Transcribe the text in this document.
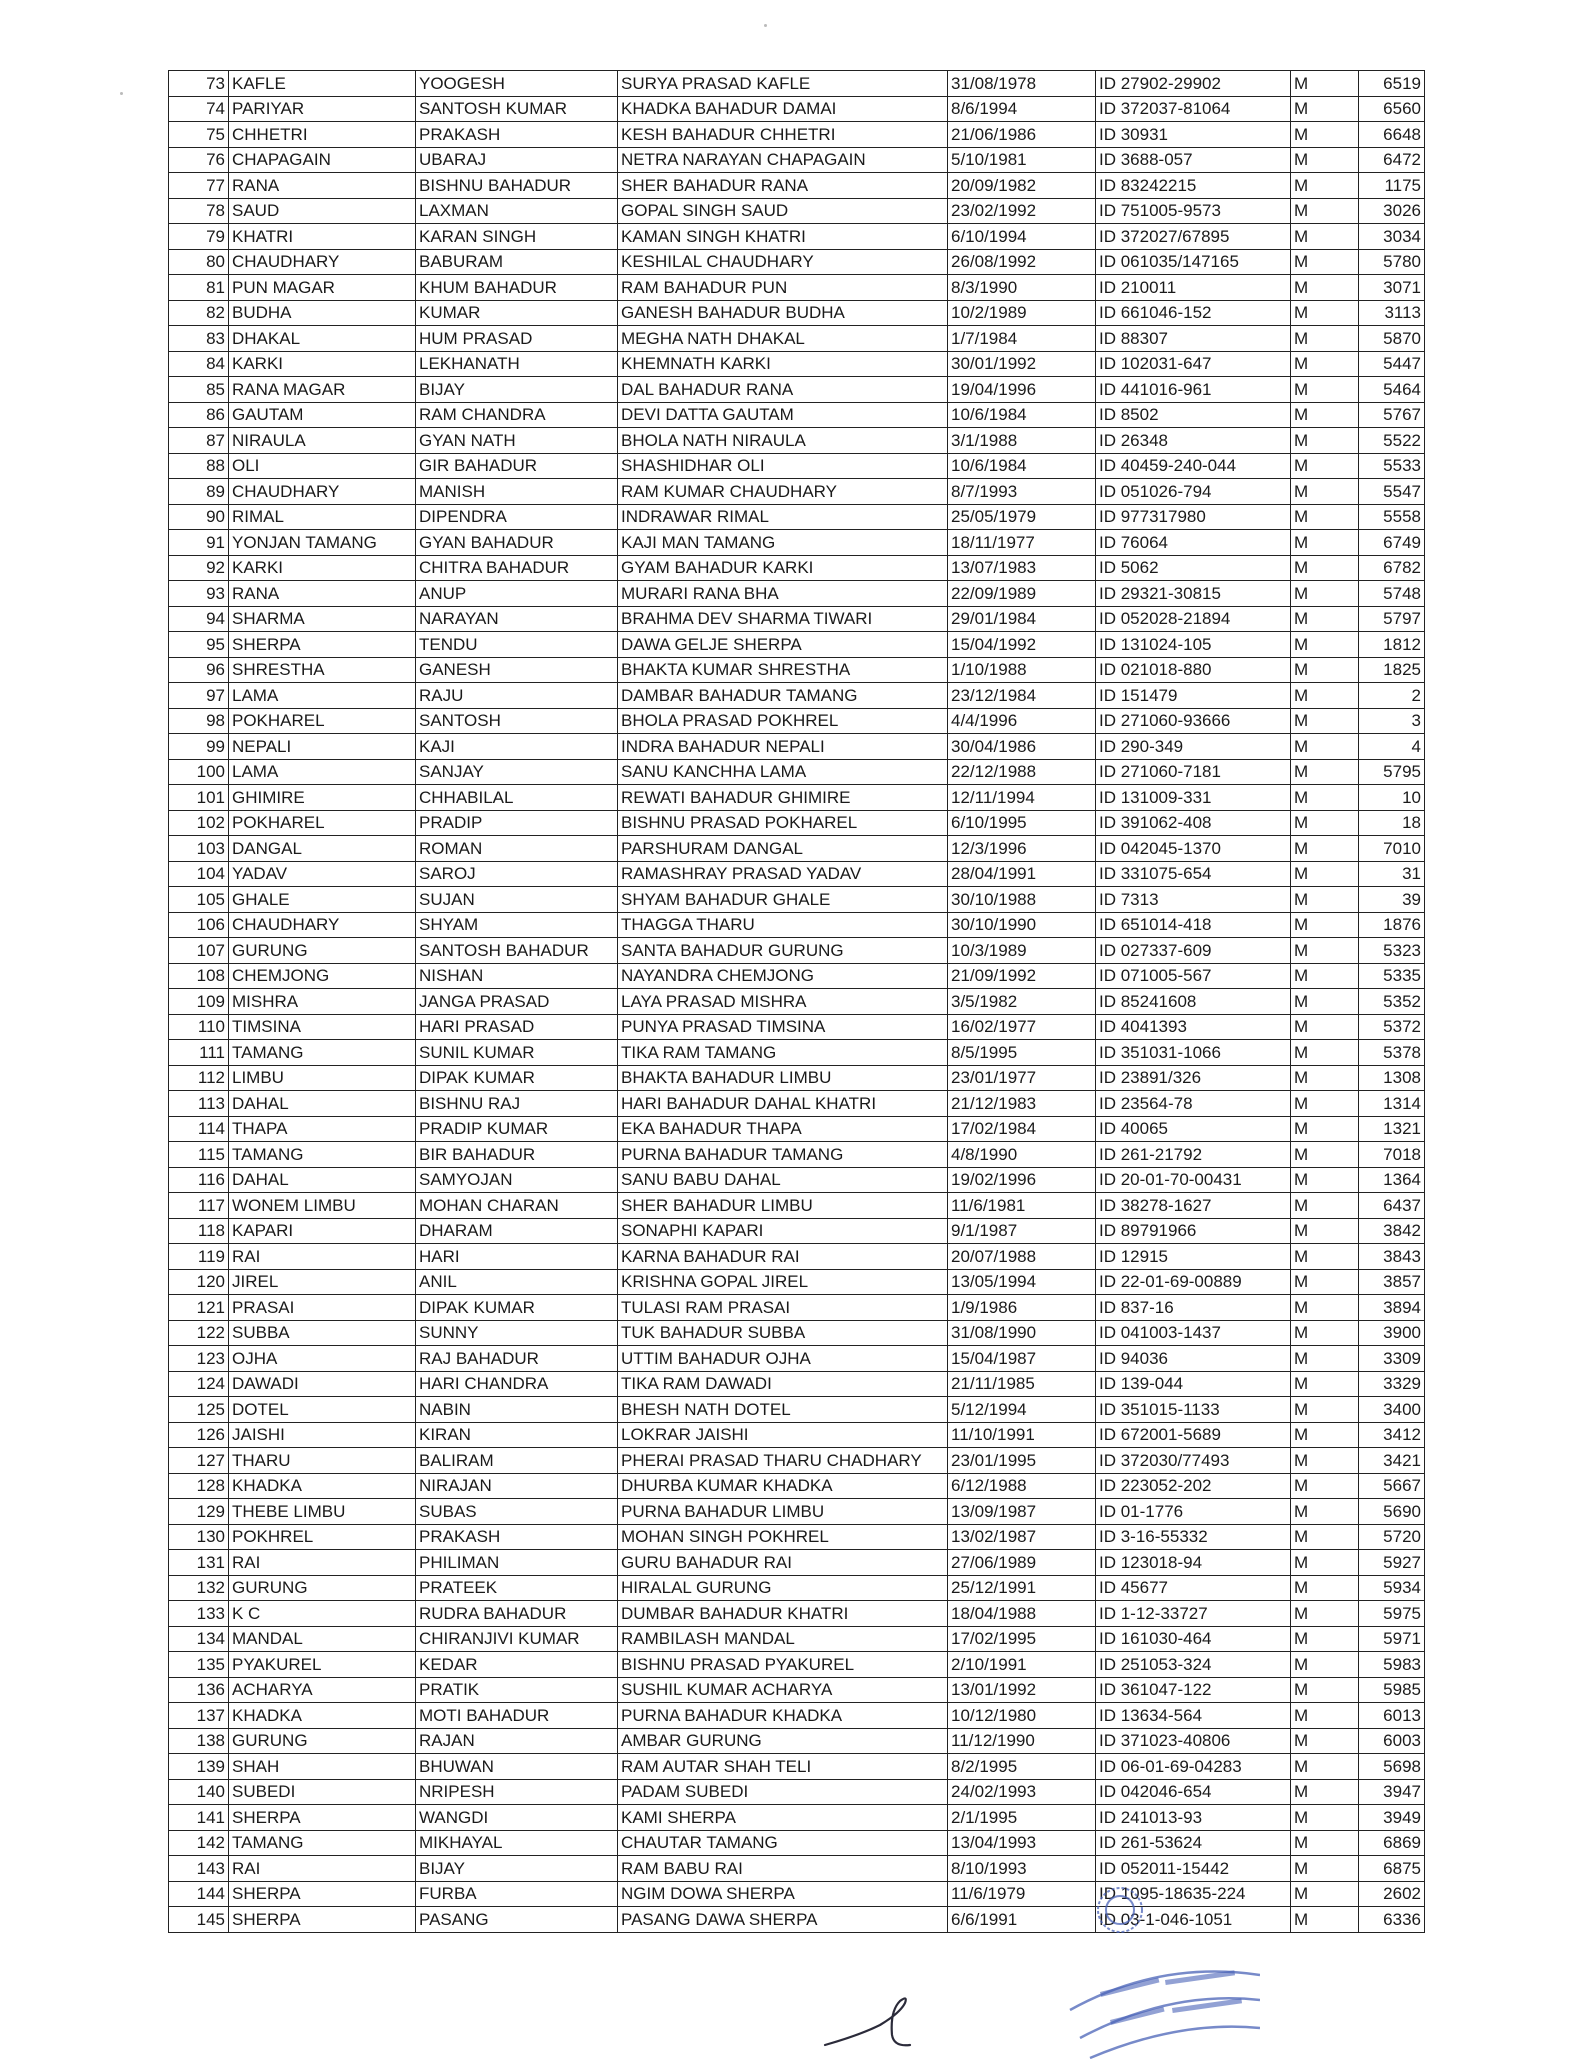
73	KAFLE	YOOGESH	SURYA PRASAD KAFLE	31/08/1978	ID 27902-29902	M	6519
74	PARIYAR	SANTOSH KUMAR	KHADKA BAHADUR DAMAI	8/6/1994	ID 372037-81064	M	6560
75	CHHETRI	PRAKASH	KESH BAHADUR CHHETRI	21/06/1986	ID 30931	M	6648
76	CHAPAGAIN	UBARAJ	NETRA NARAYAN CHAPAGAIN	5/10/1981	ID 3688-057	M	6472
77	RANA	BISHNU BAHADUR	SHER BAHADUR RANA	20/09/1982	ID 83242215	M	1175
78	SAUD	LAXMAN	GOPAL SINGH SAUD	23/02/1992	ID 751005-9573	M	3026
79	KHATRI	KARAN SINGH	KAMAN SINGH KHATRI	6/10/1994	ID 372027/67895	M	3034
80	CHAUDHARY	BABURAM	KESHILAL CHAUDHARY	26/08/1992	ID 061035/147165	M	5780
81	PUN MAGAR	KHUM BAHADUR	RAM BAHADUR PUN	8/3/1990	ID 210011	M	3071
82	BUDHA	KUMAR	GANESH BAHADUR BUDHA	10/2/1989	ID 661046-152	M	3113
83	DHAKAL	HUM PRASAD	MEGHA NATH DHAKAL	1/7/1984	ID 88307	M	5870
84	KARKI	LEKHANATH	KHEMNATH KARKI	30/01/1992	ID 102031-647	M	5447
85	RANA MAGAR	BIJAY	DAL BAHADUR RANA	19/04/1996	ID 441016-961	M	5464
86	GAUTAM	RAM CHANDRA	DEVI DATTA GAUTAM	10/6/1984	ID 8502	M	5767
87	NIRAULA	GYAN NATH	BHOLA NATH NIRAULA	3/1/1988	ID 26348	M	5522
88	OLI	GIR BAHADUR	SHASHIDHAR OLI	10/6/1984	ID 40459-240-044	M	5533
89	CHAUDHARY	MANISH	RAM KUMAR CHAUDHARY	8/7/1993	ID 051026-794	M	5547
90	RIMAL	DIPENDRA	INDRAWAR RIMAL	25/05/1979	ID 977317980	M	5558
91	YONJAN TAMANG	GYAN BAHADUR	KAJI MAN TAMANG	18/11/1977	ID 76064	M	6749
92	KARKI	CHITRA BAHADUR	GYAM BAHADUR KARKI	13/07/1983	ID 5062	M	6782
93	RANA	ANUP	MURARI RANA BHA	22/09/1989	ID 29321-30815	M	5748
94	SHARMA	NARAYAN	BRAHMA DEV SHARMA TIWARI	29/01/1984	ID 052028-21894	M	5797
95	SHERPA	TENDU	DAWA GELJE SHERPA	15/04/1992	ID 131024-105	M	1812
96	SHRESTHA	GANESH	BHAKTA KUMAR SHRESTHA	1/10/1988	ID 021018-880	M	1825
97	LAMA	RAJU	DAMBAR BAHADUR TAMANG	23/12/1984	ID 151479	M	2
98	POKHAREL	SANTOSH	BHOLA PRASAD POKHREL	4/4/1996	ID 271060-93666	M	3
99	NEPALI	KAJI	INDRA BAHADUR NEPALI	30/04/1986	ID 290-349	M	4
100	LAMA	SANJAY	SANU KANCHHA LAMA	22/12/1988	ID 271060-7181	M	5795
101	GHIMIRE	CHHABILAL	REWATI BAHADUR GHIMIRE	12/11/1994	ID 131009-331	M	10
102	POKHAREL	PRADIP	BISHNU PRASAD POKHAREL	6/10/1995	ID 391062-408	M	18
103	DANGAL	ROMAN	PARSHURAM DANGAL	12/3/1996	ID 042045-1370	M	7010
104	YADAV	SAROJ	RAMASHRAY PRASAD YADAV	28/04/1991	ID 331075-654	M	31
105	GHALE	SUJAN	SHYAM BAHADUR GHALE	30/10/1988	ID 7313	M	39
106	CHAUDHARY	SHYAM	THAGGA THARU	30/10/1990	ID 651014-418	M	1876
107	GURUNG	SANTOSH BAHADUR	SANTA BAHADUR GURUNG	10/3/1989	ID 027337-609	M	5323
108	CHEMJONG	NISHAN	NAYANDRA CHEMJONG	21/09/1992	ID 071005-567	M	5335
109	MISHRA	JANGA PRASAD	LAYA PRASAD MISHRA	3/5/1982	ID 85241608	M	5352
110	TIMSINA	HARI PRASAD	PUNYA PRASAD TIMSINA	16/02/1977	ID 4041393	M	5372
111	TAMANG	SUNIL KUMAR	TIKA RAM TAMANG	8/5/1995	ID 351031-1066	M	5378
112	LIMBU	DIPAK KUMAR	BHAKTA BAHADUR LIMBU	23/01/1977	ID 23891/326	M	1308
113	DAHAL	BISHNU RAJ	HARI BAHADUR DAHAL KHATRI	21/12/1983	ID 23564-78	M	1314
114	THAPA	PRADIP KUMAR	EKA BAHADUR THAPA	17/02/1984	ID 40065	M	1321
115	TAMANG	BIR BAHADUR	PURNA BAHADUR TAMANG	4/8/1990	ID 261-21792	M	7018
116	DAHAL	SAMYOJAN	SANU BABU DAHAL	19/02/1996	ID 20-01-70-00431	M	1364
117	WONEM LIMBU	MOHAN CHARAN	SHER BAHADUR LIMBU	11/6/1981	ID 38278-1627	M	6437
118	KAPARI	DHARAM	SONAPHI KAPARI	9/1/1987	ID 89791966	M	3842
119	RAI	HARI	KARNA BAHADUR RAI	20/07/1988	ID 12915	M	3843
120	JIREL	ANIL	KRISHNA GOPAL JIREL	13/05/1994	ID 22-01-69-00889	M	3857
121	PRASAI	DIPAK KUMAR	TULASI RAM PRASAI	1/9/1986	ID 837-16	M	3894
122	SUBBA	SUNNY	TUK BAHADUR SUBBA	31/08/1990	ID 041003-1437	M	3900
123	OJHA	RAJ BAHADUR	UTTIM BAHADUR OJHA	15/04/1987	ID 94036	M	3309
124	DAWADI	HARI CHANDRA	TIKA RAM DAWADI	21/11/1985	ID 139-044	M	3329
125	DOTEL	NABIN	BHESH NATH DOTEL	5/12/1994	ID 351015-1133	M	3400
126	JAISHI	KIRAN	LOKRAR JAISHI	11/10/1991	ID 672001-5689	M	3412
127	THARU	BALIRAM	PHERAI PRASAD THARU CHADHARY	23/01/1995	ID 372030/77493	M	3421
128	KHADKA	NIRAJAN	DHURBA KUMAR KHADKA	6/12/1988	ID 223052-202	M	5667
129	THEBE LIMBU	SUBAS	PURNA BAHADUR LIMBU	13/09/1987	ID 01-1776	M	5690
130	POKHREL	PRAKASH	MOHAN SINGH POKHREL	13/02/1987	ID 3-16-55332	M	5720
131	RAI	PHILIMAN	GURU BAHADUR RAI	27/06/1989	ID 123018-94	M	5927
132	GURUNG	PRATEEK	HIRALAL GURUNG	25/12/1991	ID 45677	M	5934
133	K C	RUDRA BAHADUR	DUMBAR BAHADUR KHATRI	18/04/1988	ID 1-12-33727	M	5975
134	MANDAL	CHIRANJIVI KUMAR	RAMBILASH MANDAL	17/02/1995	ID 161030-464	M	5971
135	PYAKUREL	KEDAR	BISHNU PRASAD PYAKUREL	2/10/1991	ID 251053-324	M	5983
136	ACHARYA	PRATIK	SUSHIL KUMAR ACHARYA	13/01/1992	ID 361047-122	M	5985
137	KHADKA	MOTI BAHADUR	PURNA BAHADUR KHADKA	10/12/1980	ID 13634-564	M	6013
138	GURUNG	RAJAN	AMBAR GURUNG	11/12/1990	ID 371023-40806	M	6003
139	SHAH	BHUWAN	RAM AUTAR SHAH TELI	8/2/1995	ID 06-01-69-04283	M	5698
140	SUBEDI	NRIPESH	PADAM SUBEDI	24/02/1993	ID 042046-654	M	3947
141	SHERPA	WANGDI	KAMI SHERPA	2/1/1995	ID 241013-93	M	3949
142	TAMANG	MIKHAYAL	CHAUTAR TAMANG	13/04/1993	ID 261-53624	M	6869
143	RAI	BIJAY	RAM BABU RAI	8/10/1993	ID 052011-15442	M	6875
144	SHERPA	FURBA	NGIM DOWA SHERPA	11/6/1979	ID 1095-18635-224	M	2602
145	SHERPA	PASANG	PASANG DAWA SHERPA	6/6/1991	ID 03-1-046-1051	M	6336
